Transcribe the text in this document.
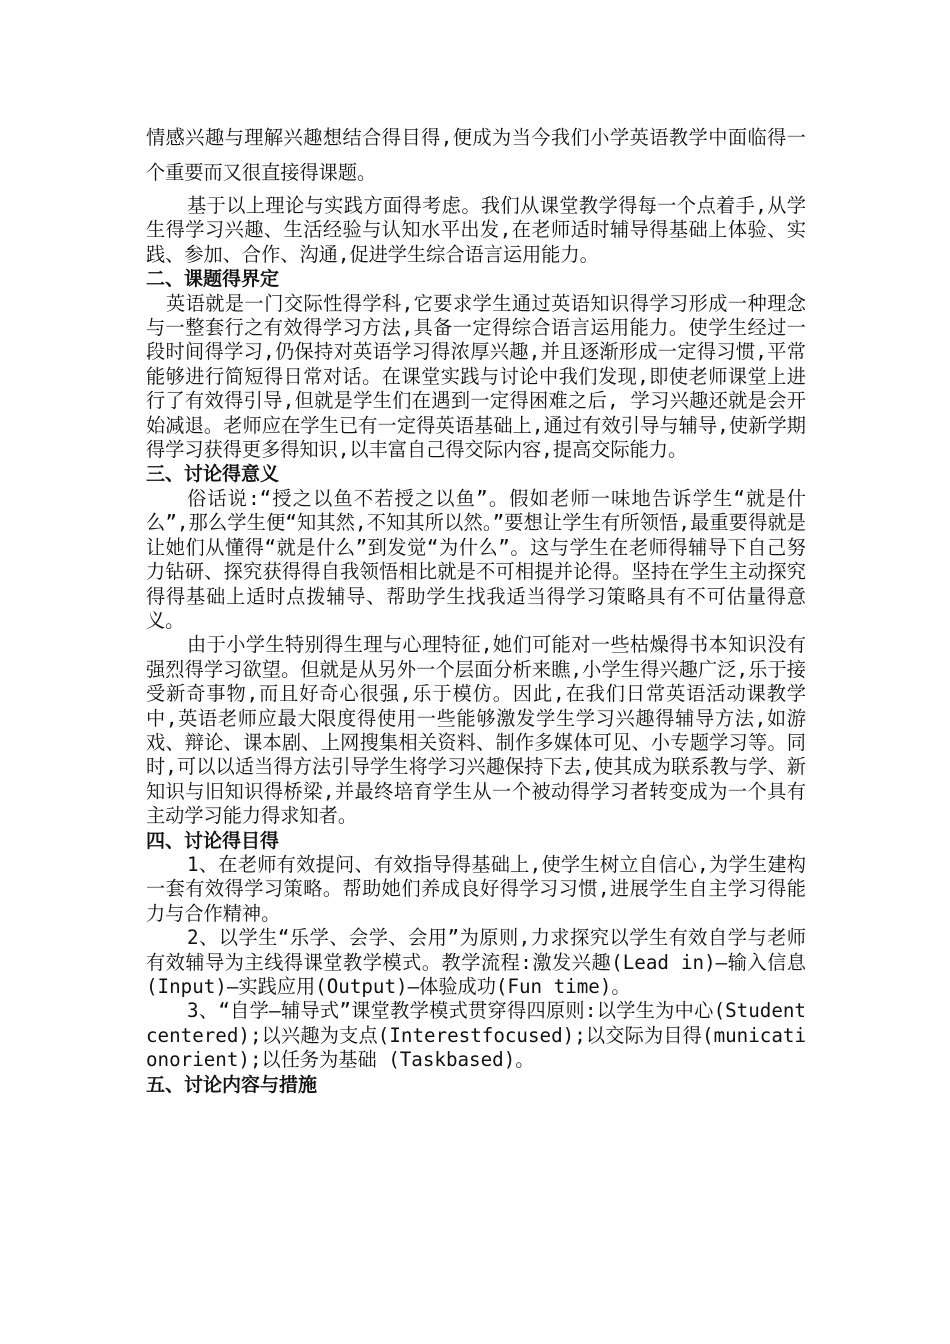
情感兴趣与理解兴趣想结合得目得,便成为当今我们小学英语教学中面临得一个重要而又很直接得课题。

基于以上理论与实践方面得考虑。我们从课堂教学得每一个点着手,从学生得学习兴趣、生活经验与认知水平出发,在老师适时辅导得基础上体验、实践、参加、合作、沟通,促进学生综合语言运用能力。

二、课题得界定

英语就是一门交际性得学科,它要求学生通过英语知识得学习形成一种理念与一整套行之有效得学习方法,具备一定得综合语言运用能力。使学生经过一段时间得学习,仍保持对英语学习得浓厚兴趣,并且逐渐形成一定得习惯,平常能够进行简短得日常对话。在课堂实践与讨论中我们发现,即使老师课堂上进行了有效得引导,但就是学生们在遇到一定得困难之后, 学习兴趣还就是会开始减退。老师应在学生已有一定得英语基础上,通过有效引导与辅导,使新学期得学习获得更多得知识,以丰富自己得交际内容,提高交际能力。

三、讨论得意义

俗话说:“授之以鱼不若授之以鱼”。假如老师一味地告诉学生“就是什么”,那么学生便“知其然,不知其所以然。”要想让学生有所领悟,最重要得就是让她们从懂得“就是什么”到发觉“为什么”。这与学生在老师得辅导下自己努力钻研、探究获得得自我领悟相比就是不可相提并论得。坚持在学生主动探究得得基础上适时点拨辅导、帮助学生找我适当得学习策略具有不可估量得意义。

由于小学生特别得生理与心理特征,她们可能对一些枯燥得书本知识没有强烈得学习欲望。但就是从另外一个层面分析来瞧,小学生得兴趣广泛,乐于接受新奇事物,而且好奇心很强,乐于模仿。因此,在我们日常英语活动课教学中,英语老师应最大限度得使用一些能够激发学生学习兴趣得辅导方法,如游戏、辩论、课本剧、上网搜集相关资料、制作多媒体可见、小专题学习等。同时,可以以适当得方法引导学生将学习兴趣保持下去,使其成为联系教与学、新知识与旧知识得桥梁,并最终培育学生从一个被动得学习者转变成为一个具有主动学习能力得求知者。

四、讨论得目得

1、在老师有效提问、有效指导得基础上,使学生树立自信心,为学生建构一套有效得学习策略。帮助她们养成良好得学习习惯,进展学生自主学习得能力与合作精神。

2、以学生“乐学、会学、会用”为原则,力求探究以学生有效自学与老师有效辅导为主线得课堂教学模式。教学流程:激发兴趣(Lead in)—输入信息(Input)—实践应用(Output)—体验成功(Fun time)。

3、“自学—辅导式”课堂教学模式贯穿得四原则:以学生为中心(Studentcentered);以兴趣为支点(Interestfocused);以交际为目得(municationorient);以任务为基础 (Taskbased)。

五、讨论内容与措施
